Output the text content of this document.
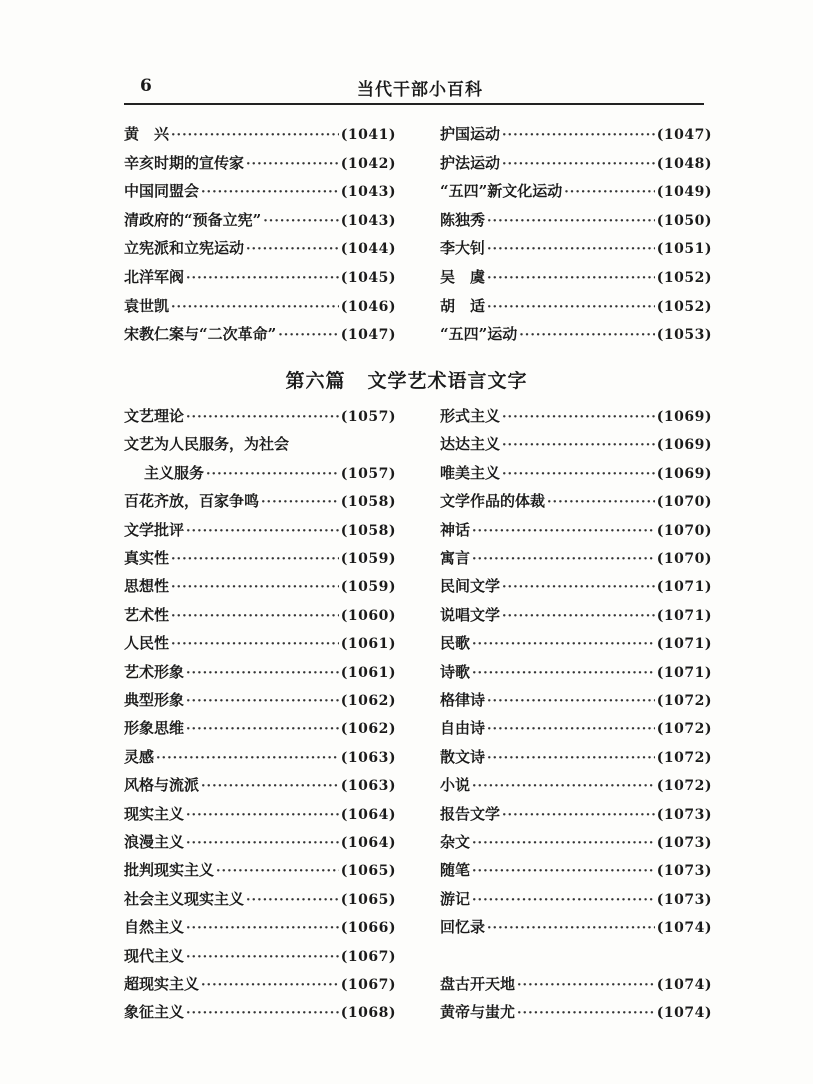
6	当代干部小百科
黄　兴 ·····	(1041)
辛亥时期的宣传家 ·····	(1042)
中国同盟会 ·····	(1043)
清政府的“预备立宪” ·····	(1043)
立宪派和立宪运动 ·····	(1044)
北洋军阀 ·····	(1045)
袁世凯 ·····	(1046)
宋教仁案与“二次革命” ·····	(1047)
护国运动 ·····	(1047)
护法运动 ·····	(1048)
“五四”新文化运动 ·····	(1049)
陈独秀 ·····	(1050)
李大钊 ·····	(1051)
吴　虞 ·····	(1052)
胡　适 ·····	(1052)
“五四”运动 ·····	(1053)
第六篇 文学艺术语言文字
文艺理论 ·····	(1057)
文艺为人民服务，为社会
主义服务 ·····	(1057)
百花齐放，百家争鸣 ·····	(1058)
文学批评 ·····	(1058)
真实性 ·····	(1059)
思想性 ·····	(1059)
艺术性 ·····	(1060)
人民性 ·····	(1061)
艺术形象 ·····	(1061)
典型形象 ·····	(1062)
形象思维 ·····	(1062)
灵感 ·····	(1063)
风格与流派 ·····	(1063)
现实主义 ·····	(1064)
浪漫主义 ·····	(1064)
批判现实主义 ·····	(1065)
社会主义现实主义 ·····	(1065)
自然主义 ·····	(1066)
现代主义 ·····	(1067)
超现实主义 ·····	(1067)
象征主义 ·····	(1068)
形式主义 ·····	(1069)
达达主义 ·····	(1069)
唯美主义 ·····	(1069)
文学作品的体裁 ·····	(1070)
神话 ·····	(1070)
寓言 ·····	(1070)
民间文学 ·····	(1071)
说唱文学 ·····	(1071)
民歌 ·····	(1071)
诗歌 ·····	(1071)
格律诗 ·····	(1072)
自由诗 ·····	(1072)
散文诗 ·····	(1072)
小说 ·····	(1072)
报告文学 ·····	(1073)
杂文 ·····	(1073)
随笔 ·····	(1073)
游记 ·····	(1073)
回忆录 ·····	(1074)
盘古开天地 ·····	(1074)
黄帝与蚩尤 ·····	(1074)
